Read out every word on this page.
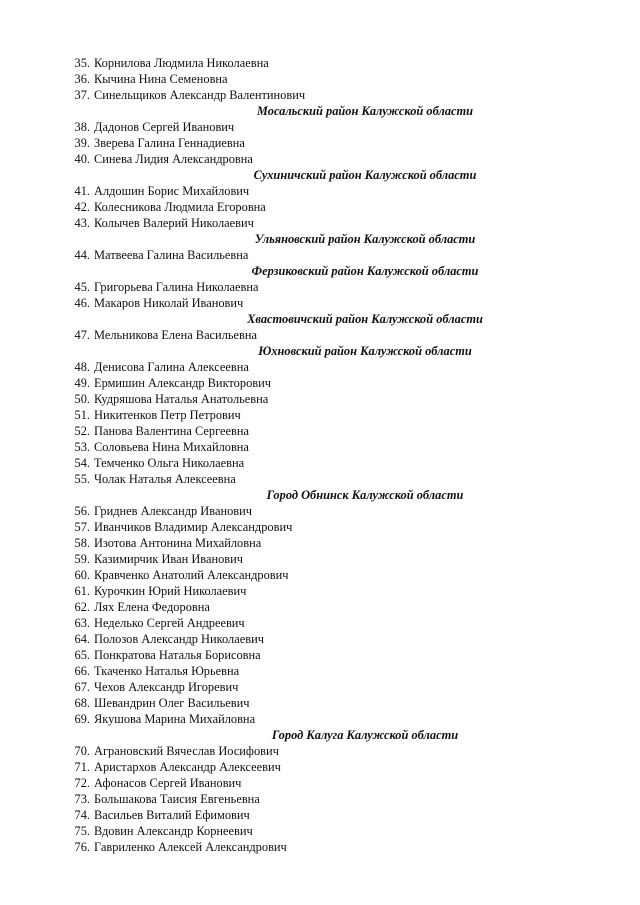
35. Корнилова Людмила Николаевна
36. Кычина Нина Семеновна
37. Синельщиков Александр Валентинович
Мосальский район Калужской области
38. Дадонов Сергей Иванович
39. Зверева Галина Геннадиевна
40. Синева Лидия Александровна
Сухиничский район Калужской области
41. Алдошин Борис Михайлович
42. Колесникова Людмила Егоровна
43. Колычев Валерий Николаевич
Ульяновский район Калужской области
44. Матвеева Галина Васильевна
Ферзиковский район Калужской области
45. Григорьева Галина Николаевна
46. Макаров Николай Иванович
Хвастовичский район Калужской области
47. Мельникова Елена Васильевна
Юхновский район Калужской области
48. Денисова Галина Алексеевна
49. Ермишин Александр Викторович
50. Кудряшова Наталья Анатольевна
51. Никитенков Петр Петрович
52. Панова Валентина Сергеевна
53. Соловьева Нина Михайловна
54. Темченко Ольга Николаевна
55. Чолак Наталья Алексеевна
Город Обнинск Калужской области
56. Гриднев Александр Иванович
57. Иванчиков Владимир Александрович
58. Изотова Антонина Михайловна
59. Казимирчик Иван Иванович
60. Кравченко Анатолий Александрович
61. Курочкин Юрий Николаевич
62. Лях Елена Федоровна
63. Неделько Сергей Андреевич
64. Полозов Александр Николаевич
65. Понкратова Наталья Борисовна
66. Ткаченко Наталья Юрьевна
67. Чехов Александр Игоревич
68. Шевандрин Олег Васильевич
69. Якушова Марина Михайловна
Город Калуга Калужской области
70. Аграновский Вячеслав Иосифович
71. Аристархов Александр Алексеевич
72. Афонасов Сергей Иванович
73. Большакова Таисия Евгеньевна
74. Васильев Виталий Ефимович
75. Вдовин Александр Корнеевич
76. Гавриленко Алексей Александрович
